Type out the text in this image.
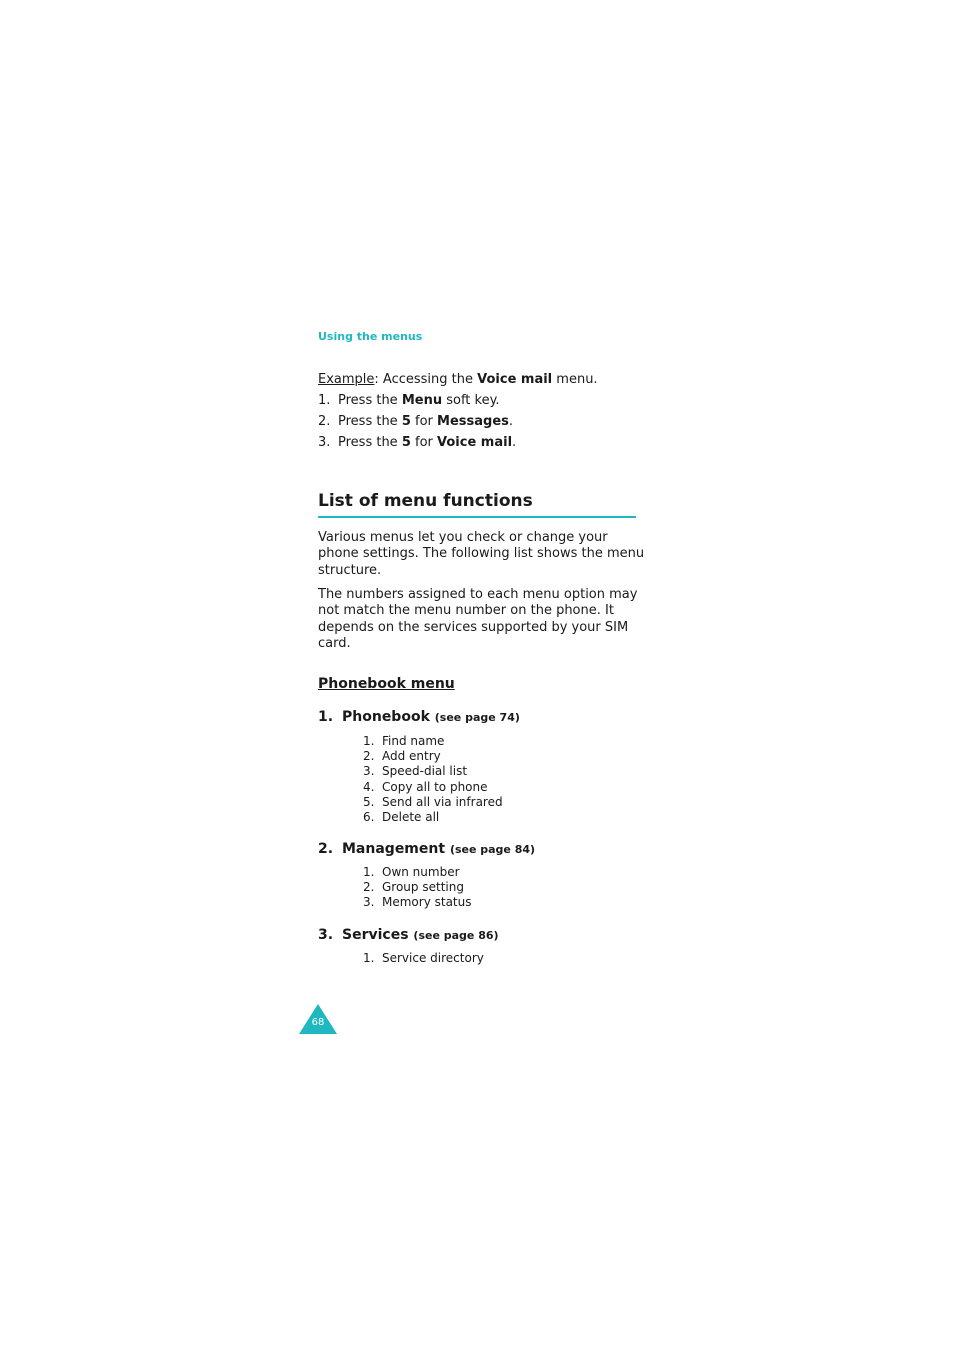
Using the menus
Example: Accessing the Voice mail menu.
1. Press the Menu soft key.
2. Press the 5 for Messages.
3. Press the 5 for Voice mail.
List of menu functions
Various menus let you check or change your phone settings. The following list shows the menu structure.
The numbers assigned to each menu option may not match the menu number on the phone. It depends on the services supported by your SIM card.
Phonebook menu
1. Phonebook (see page 74)
1. Find name
2. Add entry
3. Speed-dial list
4. Copy all to phone
5. Send all via infrared
6. Delete all
2. Management (see page 84)
1. Own number
2. Group setting
3. Memory status
3. Services (see page 86)
1. Service directory
68
